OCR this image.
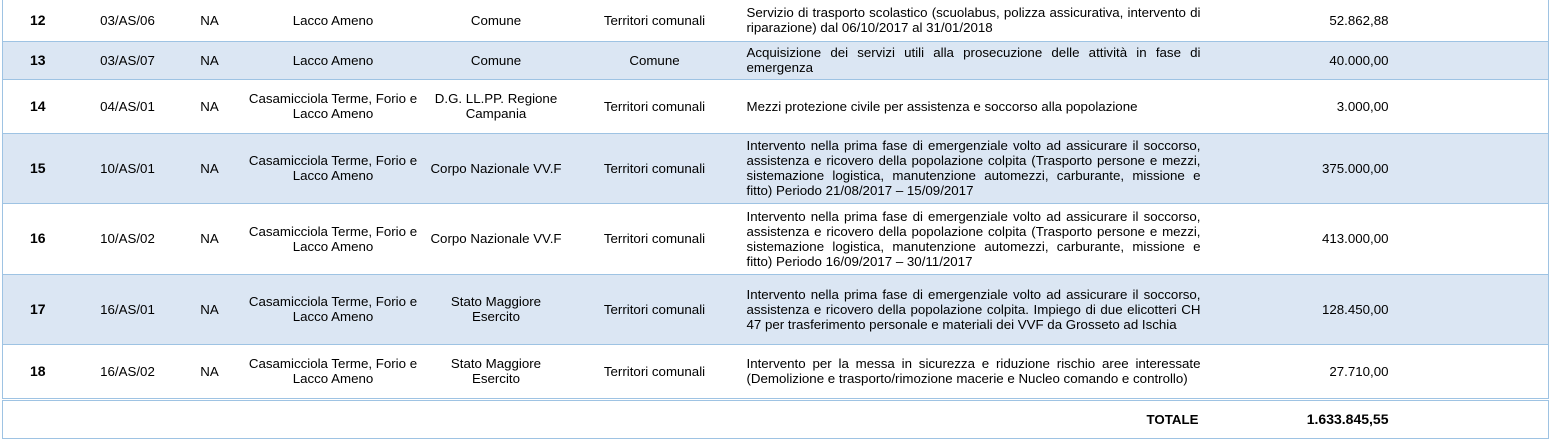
12	03/AS/06	NA	Lacco Ameno	Comune	Territori comunali	Servizio di trasporto scolastico (scuolabus, polizza assicurativa, intervento di riparazione) dal 06/10/2017 al 31/01/2018	52.862,88	
13	03/AS/07	NA	Lacco Ameno	Comune	Comune	Acquisizione dei servizi utili alla prosecuzione delle attività in fase di emergenza	40.000,00	
14	04/AS/01	NA	Casamicciola Terme, Forio e Lacco Ameno	D.G. LL.PP. Regione Campania	Territori comunali	Mezzi protezione civile per assistenza e soccorso alla popolazione	3.000,00	
15	10/AS/01	NA	Casamicciola Terme, Forio e Lacco Ameno	Corpo Nazionale VV.F	Territori comunali	Intervento nella prima fase di emergenziale volto ad assicurare il soccorso, assistenza e ricovero della popolazione colpita (Trasporto persone e mezzi, sistemazione logistica, manutenzione automezzi, carburante, missione e fitto) Periodo 21/08/2017 – 15/09/2017	375.000,00	
16	10/AS/02	NA	Casamicciola Terme, Forio e Lacco Ameno	Corpo Nazionale VV.F	Territori comunali	Intervento nella prima fase di emergenziale volto ad assicurare il soccorso, assistenza e ricovero della popolazione colpita (Trasporto persone e mezzi, sistemazione logistica, manutenzione automezzi, carburante, missione e fitto) Periodo 16/09/2017 – 30/11/2017	413.000,00	
17	16/AS/01	NA	Casamicciola Terme, Forio e Lacco Ameno	Stato Maggiore Esercito	Territori comunali	Intervento nella prima fase di emergenziale volto ad assicurare il soccorso, assistenza e ricovero della popolazione colpita. Impiego di due elicotteri CH 47 per trasferimento personale e materiali dei VVF da Grosseto ad Ischia	128.450,00	
18	16/AS/02	NA	Casamicciola Terme, Forio e Lacco Ameno	Stato Maggiore Esercito	Territori comunali	Intervento per la messa in sicurezza e riduzione rischio aree interessate (Demolizione e trasporto/rimozione macerie e Nucleo comando e controllo)	27.710,00	
						TOTALE	1.633.845,55	
